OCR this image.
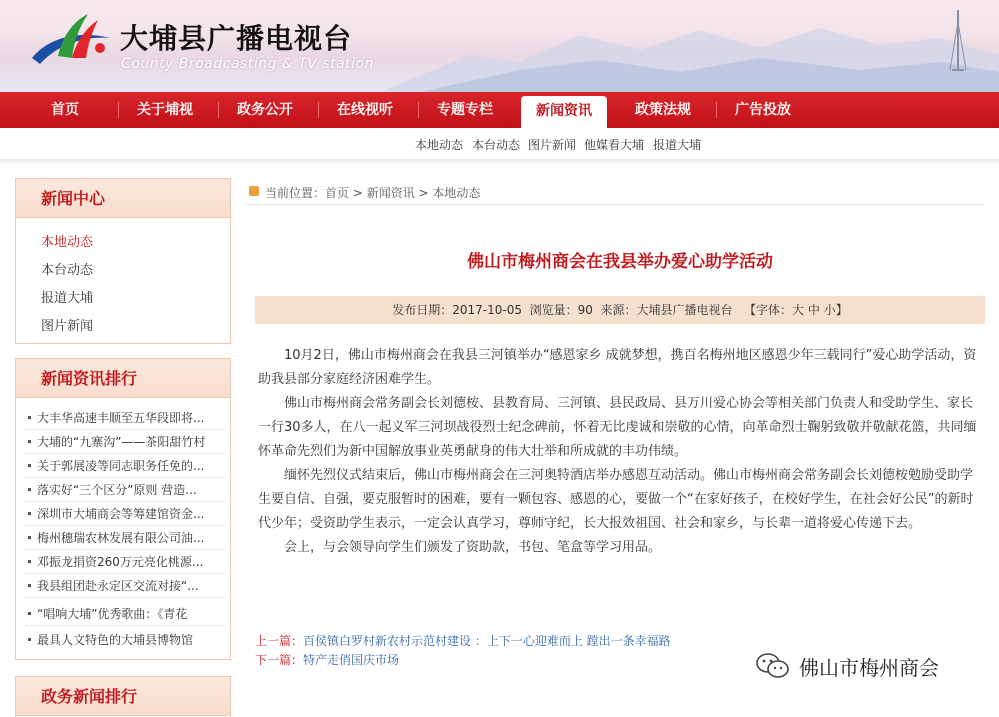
大埔县广播电视台
County Broadcasting & TV station
首页	关于埔视	政务公开	在线视听	专题专栏	新闻资讯	政策法规	广告投放
本地动态 本台动态 图片新闻 他媒看大埔 报道大埔
新闻中心
本地动态
本台动态
报道大埔
图片新闻
新闻资讯排行
大丰华高速丰顺至五华段即将...
大埔的“九寨沟”——茶阳甜竹村
关于郭展凌等同志职务任免的...
落实好“三个区分”原则 营造...
深圳市大埔商会等筹建馆资金...
梅州穗瑞农林发展有限公司油...
邓振龙捐资260万元亮化桃源...
我县组团赴永定区交流对接“...
“唱响大埔”优秀歌曲：《青花
最具人文特色的大埔县博物馆
政务新闻排行
当前位置：首页 > 新闻资讯 > 本地动态
佛山市梅州商会在我县举办爱心助学活动
发布日期：2017-10-05 浏览量：90 来源：大埔县广播电视台 【字体：大 中 小】

10月2日，佛山市梅州商会在我县三河镇举办“感恩家乡 成就梦想，携百名梅州地区感恩少年三载同行”爱心助学活动，资助我县部分家庭经济困难学生。

佛山市梅州商会常务副会长刘德桉、县教育局、三河镇、县民政局、县万川爱心协会等相关部门负责人和受助学生、家长一行30多人，在八一起义军三河坝战役烈士纪念碑前，怀着无比虔诚和崇敬的心情，向革命烈士鞠躬致敬并敬献花篮，共同缅怀革命先烈们为新中国解放事业英勇献身的伟大壮举和所成就的丰功伟绩。

缅怀先烈仪式结束后，佛山市梅州商会在三河奥特酒店举办感恩互动活动。佛山市梅州商会常务副会长刘德桉勉励受助学生要自信、自强，要克服暂时的困难，要有一颗包容、感恩的心，要做一个“在家好孩子，在校好学生，在社会好公民”的新时代少年；受资助学生表示，一定会认真学习，尊师守纪，长大报效祖国、社会和家乡，与长辈一道将爱心传递下去。

会上，与会领导向学生们颁发了资助款，书包、笔盒等学习用品。

上一篇：百侯镇白罗村新农村示范村建设 ：上下一心迎难而上 蹚出一条幸福路
下一篇：特产走俏国庆市场	佛山市梅州商会
